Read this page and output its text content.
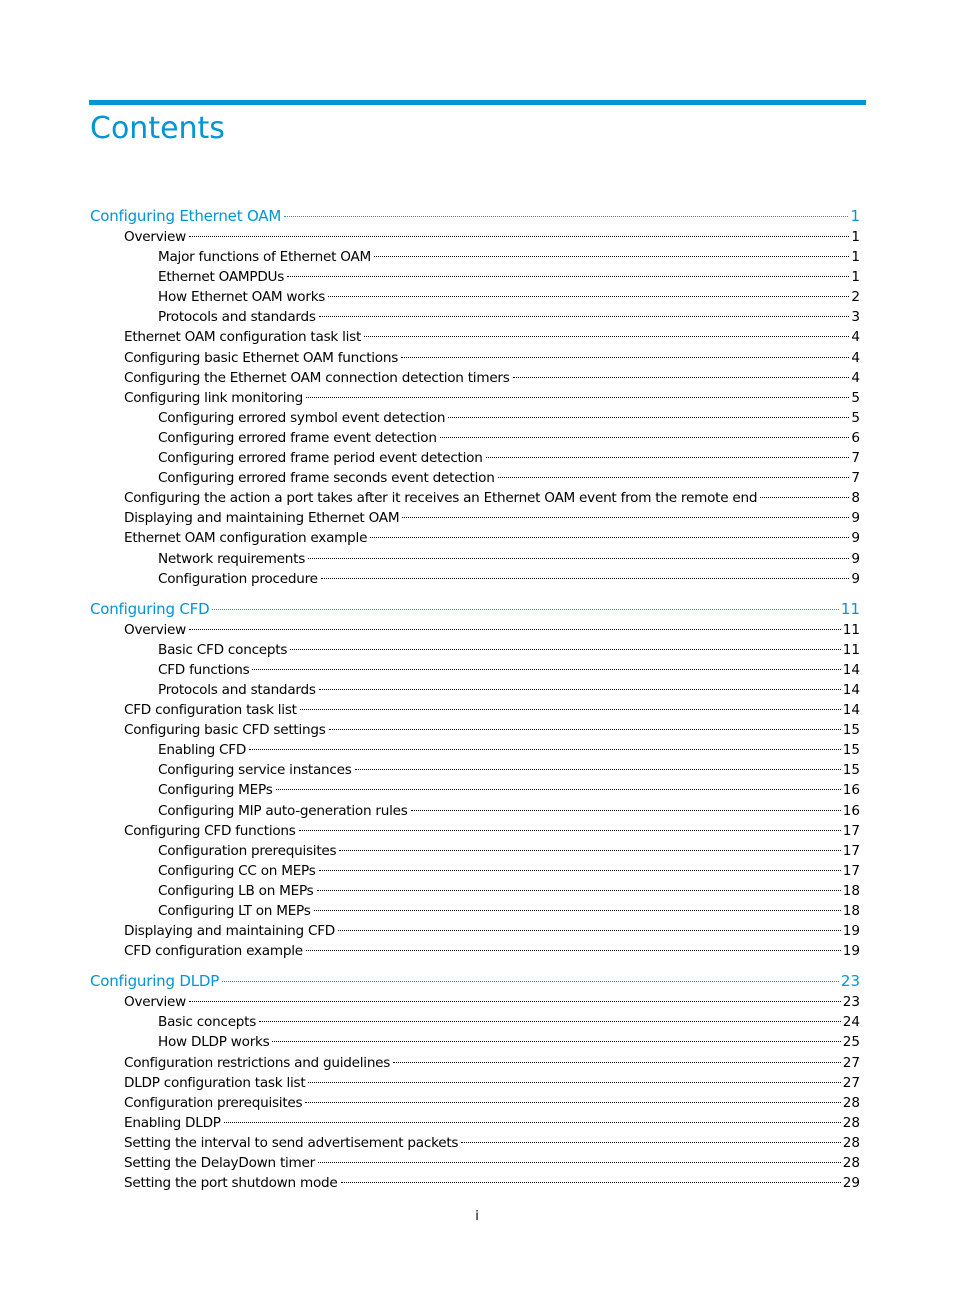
Contents
Configuring Ethernet OAM	1
Overview	1
Major functions of Ethernet OAM	1
Ethernet OAMPDUs	1
How Ethernet OAM works	2
Protocols and standards	3
Ethernet OAM configuration task list	4
Configuring basic Ethernet OAM functions	4
Configuring the Ethernet OAM connection detection timers	4
Configuring link monitoring	5
Configuring errored symbol event detection	5
Configuring errored frame event detection	6
Configuring errored frame period event detection	7
Configuring errored frame seconds event detection	7
Configuring the action a port takes after it receives an Ethernet OAM event from the remote end	8
Displaying and maintaining Ethernet OAM	9
Ethernet OAM configuration example	9
Network requirements	9
Configuration procedure	9
Configuring CFD	11
Overview	11
Basic CFD concepts	11
CFD functions	14
Protocols and standards	14
CFD configuration task list	14
Configuring basic CFD settings	15
Enabling CFD	15
Configuring service instances	15
Configuring MEPs	16
Configuring MIP auto-generation rules	16
Configuring CFD functions	17
Configuration prerequisites	17
Configuring CC on MEPs	17
Configuring LB on MEPs	18
Configuring LT on MEPs	18
Displaying and maintaining CFD	19
CFD configuration example	19
Configuring DLDP	23
Overview	23
Basic concepts	24
How DLDP works	25
Configuration restrictions and guidelines	27
DLDP configuration task list	27
Configuration prerequisites	28
Enabling DLDP	28
Setting the interval to send advertisement packets	28
Setting the DelayDown timer	28
Setting the port shutdown mode	29
i
